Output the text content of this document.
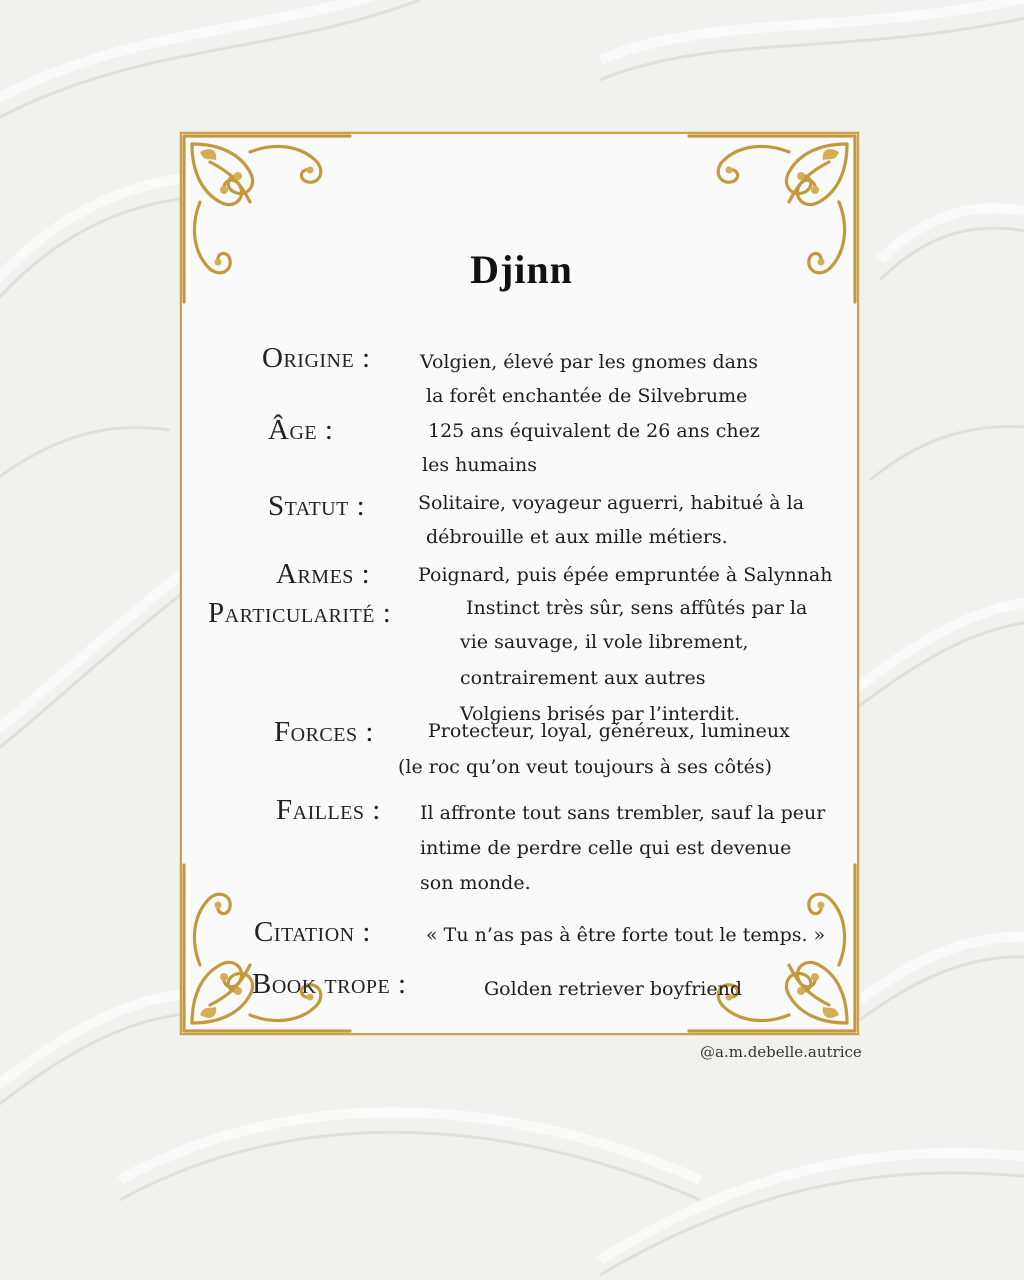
Djinn
Origine :	Volgien, élevé par les gnomes dans
la forêt enchantée de Silvebrume
Âge :	125 ans équivalent de 26 ans chez
les humains
Statut :	Solitaire, voyageur aguerri, habitué à la
débrouille et aux mille métiers.
Armes :	Poignard, puis épée empruntée à Salynnah
Particularité :	Instinct très sûr, sens affûtés par la
vie sauvage, il vole librement,
contrairement aux autres
Volgiens brisés par l’interdit.
Forces :	Protecteur, loyal, généreux, lumineux
(le roc qu’on veut toujours à ses côtés)
Failles : Il affronte tout sans trembler, sauf la peur
intime de perdre celle qui est devenue
son monde.
Citation :	« Tu n’as pas à être forte tout le temps. »
Book trope :	Golden retriever boyfriend
@a.m.debelle.autrice
